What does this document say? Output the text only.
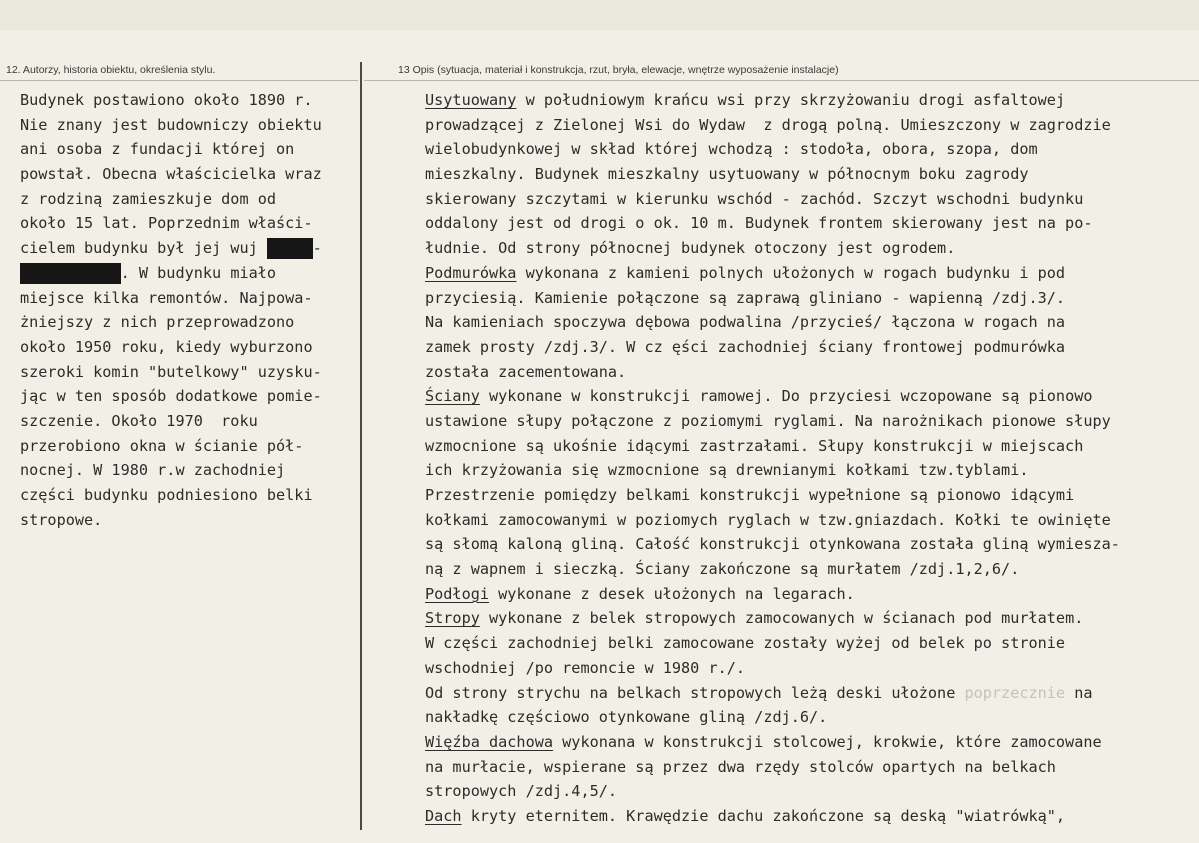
12. Autorzy, historia obiektu, określenia stylu.	13 Opis (sytuacja, materiał i konstrukcja, rzut, bryła, elewacje, wnętrze wyposażenie instalacje)
Budynek postawiono około 1890 r.
Nie znany jest budowniczy obiektu
ani osoba z fundacji której on
powstał. Obecna właścicielka wraz
z rodziną zamieszkuje dom od
około 15 lat. Poprzednim właści-
cielem budynku był jej wuj	-
. W budynku miało
miejsce kilka remontów. Najpowa-
żniejszy z nich przeprowadzono
około 1950 roku, kiedy wyburzono
szeroki komin "butelkowy" uzysku-
jąc w ten sposób dodatkowe pomie-
szczenie. Około 1970  roku
przerobiono okna w ścianie pół-
nocnej. W 1980 r.w zachodniej
części budynku podniesiono belki
stropowe.
Usytuowany w południowym krańcu wsi przy skrzyżowaniu drogi asfaltowej
prowadzącej z Zielonej Wsi do Wydaw  z drogą polną. Umieszczony w zagrodzie
wielobudynkowej w skład której wchodzą : stodoła, obora, szopa, dom
mieszkalny. Budynek mieszkalny usytuowany w północnym boku zagrody
skierowany szczytami w kierunku wschód - zachód. Szczyt wschodni budynku
oddalony jest od drogi o ok. 10 m. Budynek frontem skierowany jest na po-
łudnie. Od strony północnej budynek otoczony jest ogrodem.
Podmurówka wykonana z kamieni polnych ułożonych w rogach budynku i pod
przyciesią. Kamienie połączone są zaprawą gliniano - wapienną /zdj.3/.
Na kamieniach spoczywa dębowa podwalina /przycieś/ łączona w rogach na
zamek prosty /zdj.3/. W cz ęści zachodniej ściany frontowej podmurówka
została zacementowana.
Ściany wykonane w konstrukcji ramowej. Do przyciesi wczopowane są pionowo
ustawione słupy połączone z poziomymi ryglami. Na narożnikach pionowe słupy
wzmocnione są ukośnie idącymi zastrzałami. Słupy konstrukcji w miejscach
ich krzyżowania się wzmocnione są drewnianymi kołkami tzw.tyblami.
Przestrzenie pomiędzy belkami konstrukcji wypełnione są pionowo idącymi
kołkami zamocowanymi w poziomych ryglach w tzw.gniazdach. Kołki te owinięte
są słomą kaloną gliną. Całość konstrukcji otynkowana została gliną wymiesza-
ną z wapnem i sieczką. Ściany zakończone są murłatem /zdj.1,2,6/.
Podłogi wykonane z desek ułożonych na legarach.
Stropy wykonane z belek stropowych zamocowanych w ścianach pod murłatem.
W części zachodniej belki zamocowane zostały wyżej od belek po stronie
wschodniej /po remoncie w 1980 r./.
Od strony strychu na belkach stropowych leżą deski ułożone poprzecznie na
nakładkę częściowo otynkowane gliną /zdj.6/.
Więźba dachowa wykonana w konstrukcji stolcowej, krokwie, które zamocowane
na murłacie, wspierane są przez dwa rzędy stolców opartych na belkach
stropowych /zdj.4,5/.
Dach kryty eternitem. Krawędzie dachu zakończone są deską "wiatrówką",
